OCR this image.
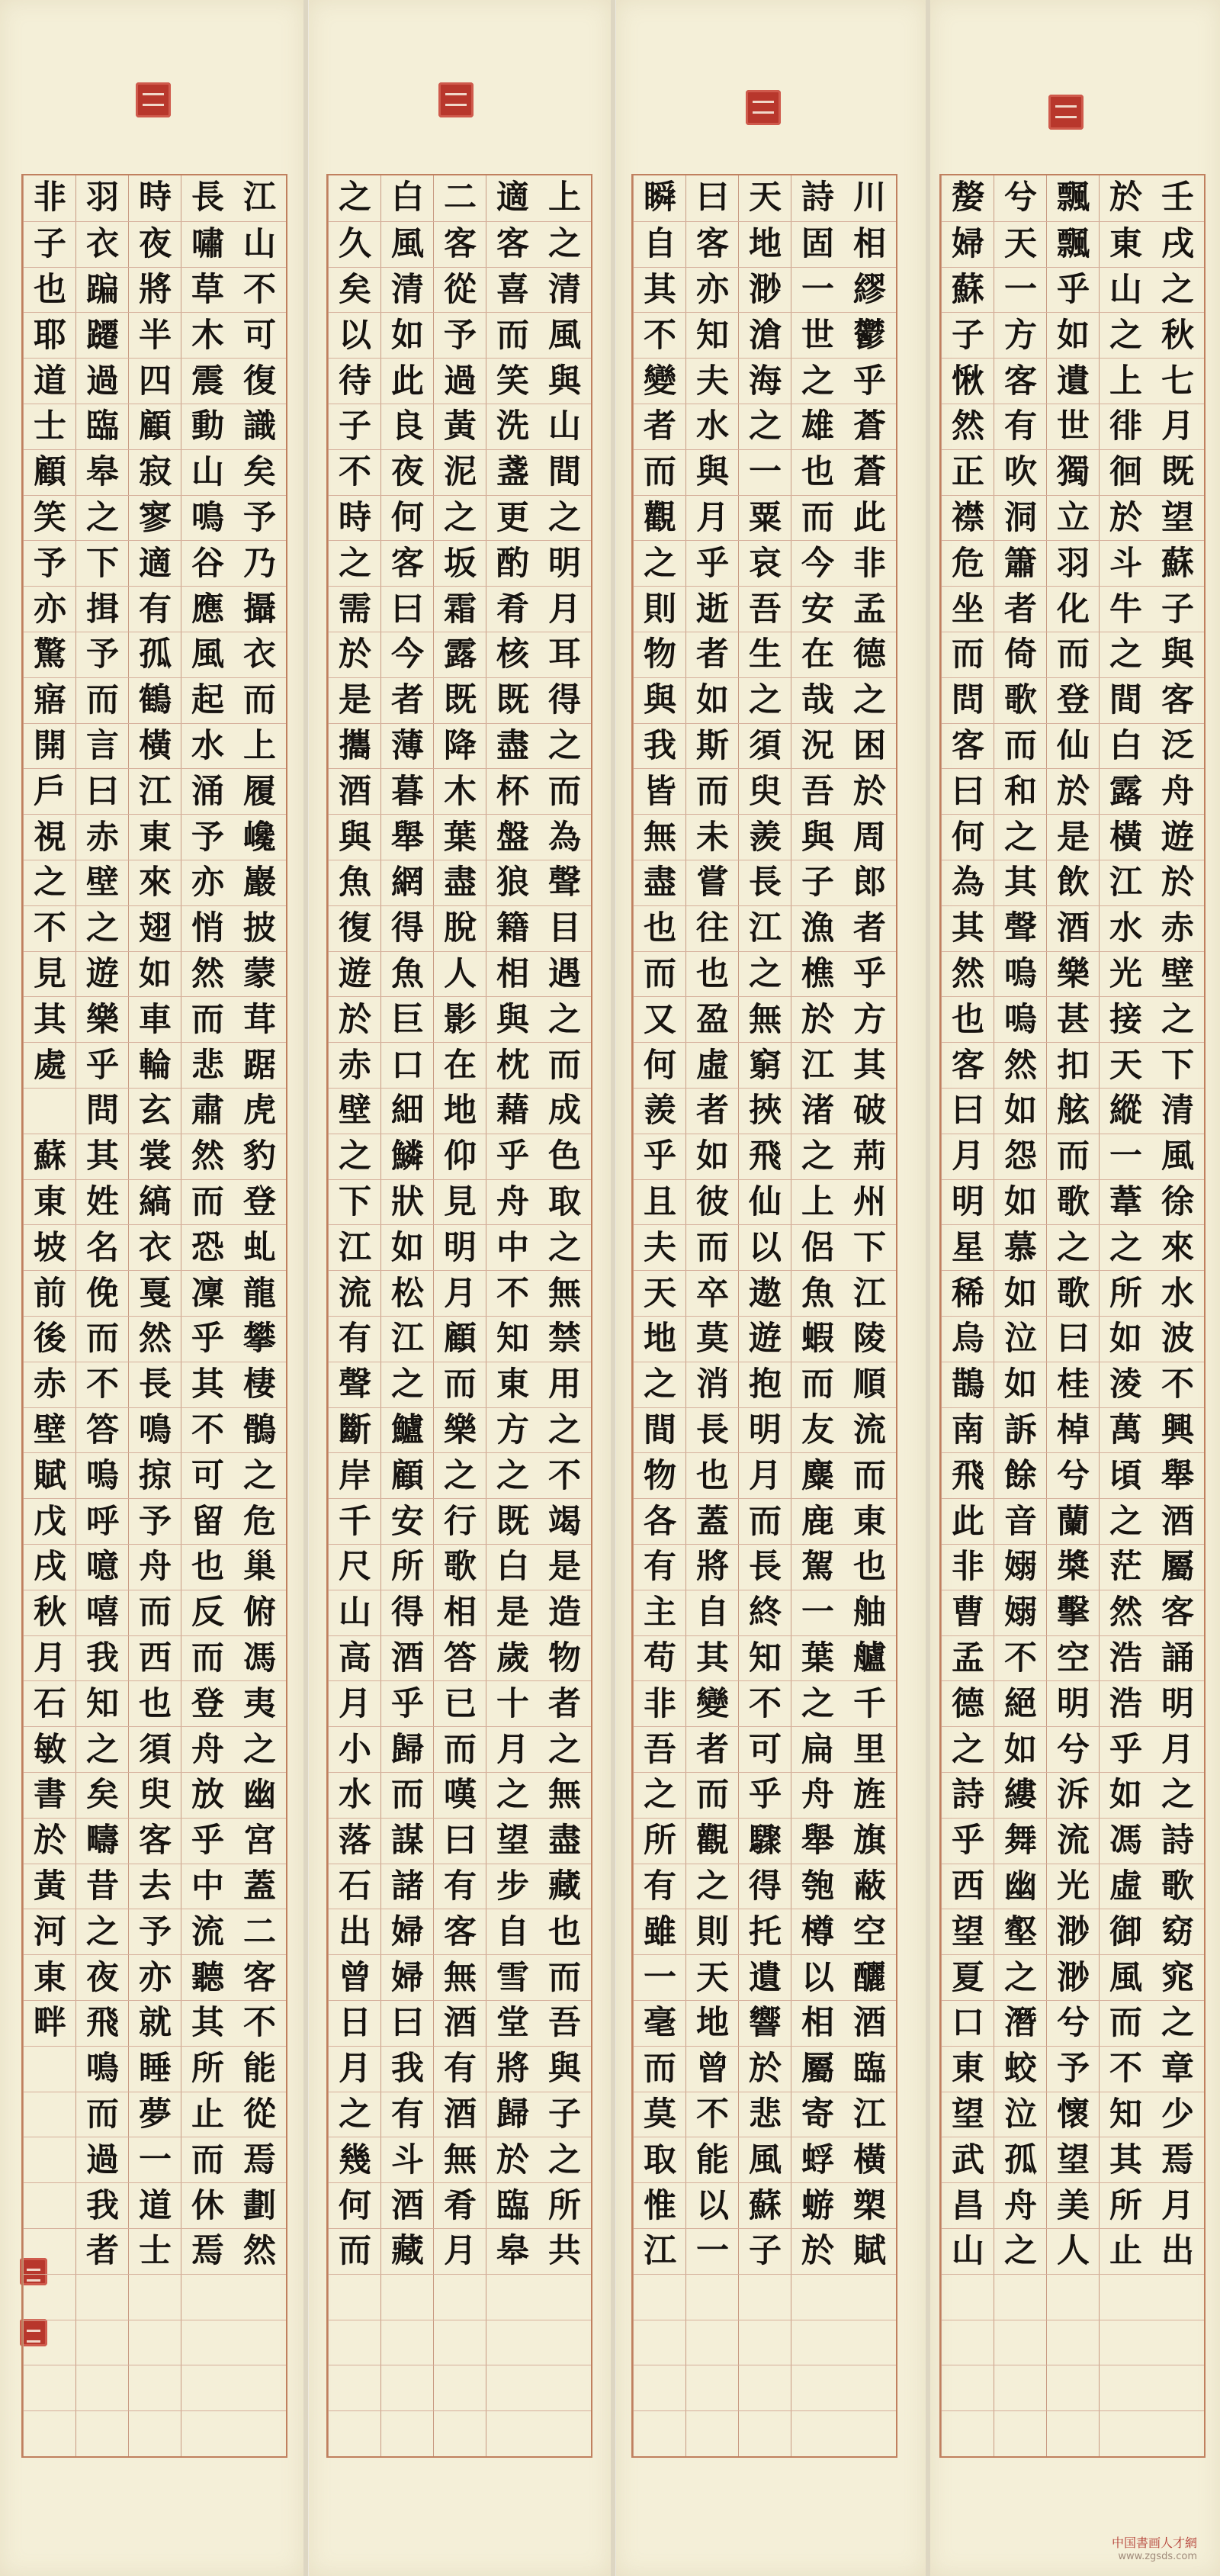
壬
戌
之
秋
七
月
既
望
蘇
子
與
客
泛
舟
遊
於
赤
壁
之
下
清
風
徐
來
水
波
不
興
舉
酒
屬
客
誦
明
月
之
詩
歌
窈
窕
之
章
少
焉
月
出
於
東
山
之
上
徘
徊
於
斗
牛
之
間
白
露
橫
江
水
光
接
天
縱
一
葦
之
所
如
淩
萬
頃
之
茫
然
浩
浩
乎
如
馮
虛
御
風
而
不
知
其
所
止
飄
飄
乎
如
遺
世
獨
立
羽
化
而
登
仙
於
是
飲
酒
樂
甚
扣
舷
而
歌
之
歌
曰
桂
棹
兮
蘭
槳
擊
空
明
兮
泝
流
光
渺
渺
兮
予
懷
望
美
人
兮
天
一
方
客
有
吹
洞
簫
者
倚
歌
而
和
之
其
聲
嗚
嗚
然
如
怨
如
慕
如
泣
如
訴
餘
音
嫋
嫋
不
絕
如
縷
舞
幽
壑
之
潛
蛟
泣
孤
舟
之
嫠
婦
蘇
子
愀
然
正
襟
危
坐
而
問
客
曰
何
為
其
然
也
客
曰
月
明
星
稀
烏
鵲
南
飛
此
非
曹
孟
德
之
詩
乎
西
望
夏
口
東
望
武
昌
山
川
相
繆
鬱
乎
蒼
蒼
此
非
孟
德
之
困
於
周
郎
者
乎
方
其
破
荊
州
下
江
陵
順
流
而
東
也
舳
艫
千
里
旌
旗
蔽
空
釃
酒
臨
江
橫
槊
賦
詩
固
一
世
之
雄
也
而
今
安
在
哉
況
吾
與
子
漁
樵
於
江
渚
之
上
侶
魚
蝦
而
友
麋
鹿
駕
一
葉
之
扁
舟
舉
匏
樽
以
相
屬
寄
蜉
蝣
於
天
地
渺
滄
海
之
一
粟
哀
吾
生
之
須
臾
羨
長
江
之
無
窮
挾
飛
仙
以
遨
遊
抱
明
月
而
長
終
知
不
可
乎
驟
得
托
遺
響
於
悲
風
蘇
子
曰
客
亦
知
夫
水
與
月
乎
逝
者
如
斯
而
未
嘗
往
也
盈
虛
者
如
彼
而
卒
莫
消
長
也
蓋
將
自
其
變
者
而
觀
之
則
天
地
曾
不
能
以
一
瞬
自
其
不
變
者
而
觀
之
則
物
與
我
皆
無
盡
也
而
又
何
羨
乎
且
夫
天
地
之
間
物
各
有
主
苟
非
吾
之
所
有
雖
一
毫
而
莫
取
惟
江
上
之
清
風
與
山
間
之
明
月
耳
得
之
而
為
聲
目
遇
之
而
成
色
取
之
無
禁
用
之
不
竭
是
造
物
者
之
無
盡
藏
也
而
吾
與
子
之
所
共
適
客
喜
而
笑
洗
盞
更
酌
肴
核
既
盡
杯
盤
狼
籍
相
與
枕
藉
乎
舟
中
不
知
東
方
之
既
白
是
歲
十
月
之
望
步
自
雪
堂
將
歸
於
臨
皋
二
客
從
予
過
黃
泥
之
坂
霜
露
既
降
木
葉
盡
脫
人
影
在
地
仰
見
明
月
顧
而
樂
之
行
歌
相
答
已
而
嘆
曰
有
客
無
酒
有
酒
無
肴
月
白
風
清
如
此
良
夜
何
客
曰
今
者
薄
暮
舉
網
得
魚
巨
口
細
鱗
狀
如
松
江
之
鱸
顧
安
所
得
酒
乎
歸
而
謀
諸
婦
婦
曰
我
有
斗
酒
藏
之
久
矣
以
待
子
不
時
之
需
於
是
攜
酒
與
魚
復
遊
於
赤
壁
之
下
江
流
有
聲
斷
岸
千
尺
山
高
月
小
水
落
石
出
曾
日
月
之
幾
何
而
江
山
不
可
復
識
矣
予
乃
攝
衣
而
上
履
巉
巖
披
蒙
茸
踞
虎
豹
登
虬
龍
攀
棲
鶻
之
危
巢
俯
馮
夷
之
幽
宮
蓋
二
客
不
能
從
焉
劃
然
長
嘯
草
木
震
動
山
鳴
谷
應
風
起
水
涌
予
亦
悄
然
而
悲
肅
然
而
恐
凜
乎
其
不
可
留
也
反
而
登
舟
放
乎
中
流
聽
其
所
止
而
休
焉
時
夜
將
半
四
顧
寂
寥
適
有
孤
鶴
橫
江
東
來
翅
如
車
輪
玄
裳
縞
衣
戛
然
長
鳴
掠
予
舟
而
西
也
須
臾
客
去
予
亦
就
睡
夢
一
道
士
羽
衣
蹁
躚
過
臨
皋
之
下
揖
予
而
言
曰
赤
壁
之
遊
樂
乎
問
其
姓
名
俛
而
不
答
嗚
呼
噫
嘻
我
知
之
矣
疇
昔
之
夜
飛
鳴
而
過
我
者
非
子
也
耶
道
士
顧
笑
予
亦
驚
寤
開
戶
視
之
不
見
其
處
蘇
東
坡
前
後
赤
壁
賦
戊
戌
秋
月
石
敏
書
於
黃
河
東
畔
中国書画人才網
www.zgsds.com
